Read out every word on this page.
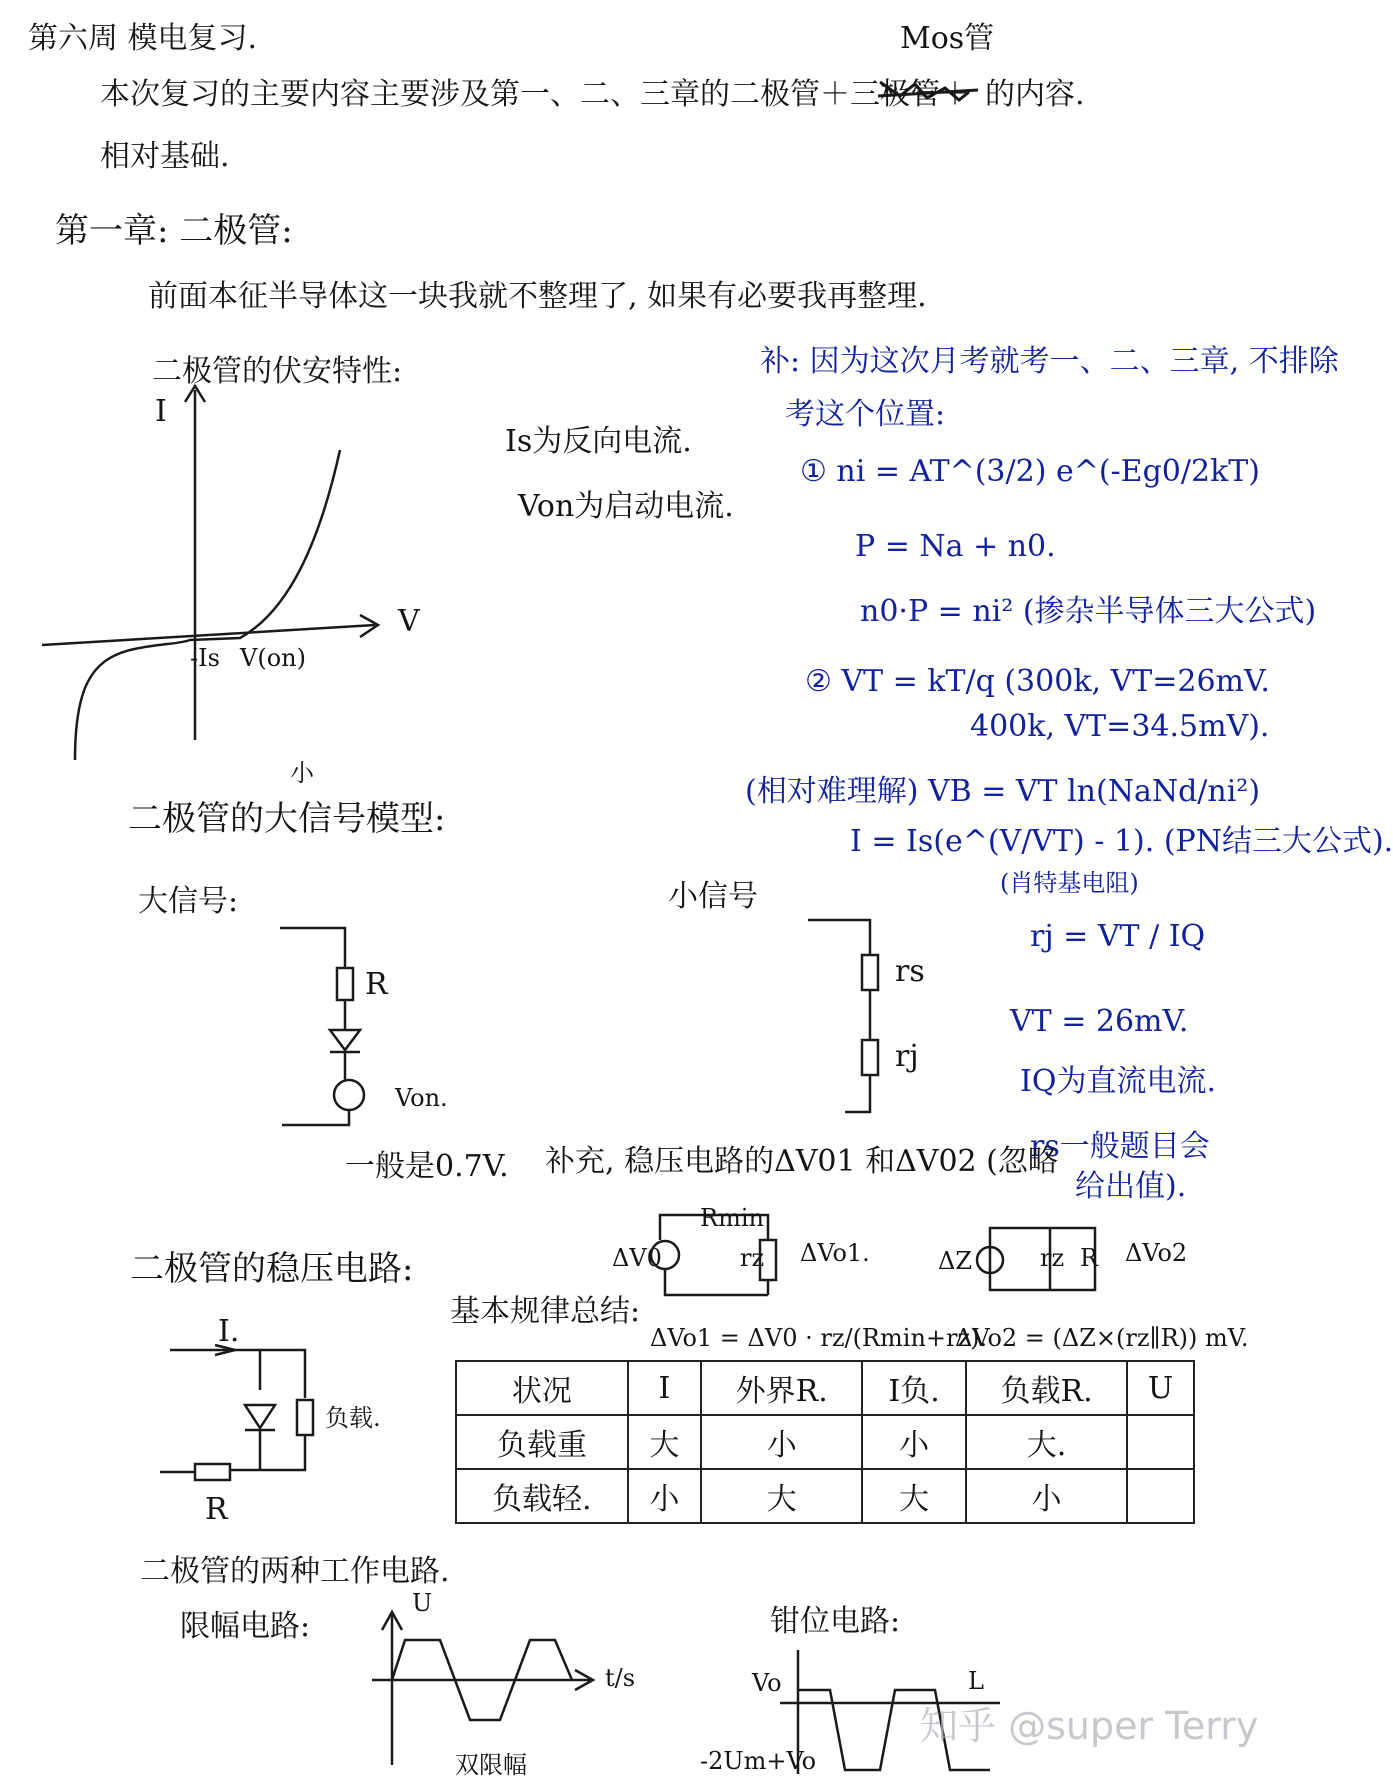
第六周 模电复习.	Mos管
本次复习的主要内容主要涉及第一、二、三章的二极管＋三极管＋ 的内容.
相对基础.
第一章: 二极管:
前面本征半导体这一块我就不整理了, 如果有必要我再整理.
二极管的伏安特性:
I
V
-Is V(on)
Is为反向电流.
Von为启动电流.
补: 因为这次月考就考一、二、三章, 不排除
考这个位置:
① ni = AT^(3/2) e^(-Eg0/2kT)
P = Na + n0.
n0·P = ni² (掺杂半导体三大公式)
② VT = kT/q (300k, VT=26mV.
400k, VT=34.5mV).
(相对难理解) VB = VT ln(NaNd/ni²)
I = Is(e^(V/VT) - 1). (PN结三大公式).
(肖特基电阻)
rj = VT / IQ
VT = 26mV.
IQ为直流电流.
rs一般题目会
给出值).
小
二极管的大信号模型:
大信号:	小信号
R
Von.
一般是0.7V.
rs
rj
补充, 稳压电路的ΔV01 和ΔV02 (忽略
二极管的稳压电路:
I.
负载.
R
Rmin
ΔV0	rz ΔVo1.	ΔZ	rz R ΔVo2
基本规律总结:
ΔVo1 = ΔV0 · rz/(Rmin+rz).
ΔVo2 = (ΔZ×(rz∥R)) mV.
状况	I	外界R.	I负.	负载R.	U
负载重	大	小	小	大.	
负载轻.	小	大	大	小	
二极管的两种工作电路.
限幅电路:	钳位电路:
U
t/s	Vo	L
-2Um+Vo
双限幅
知乎 @super Terry
